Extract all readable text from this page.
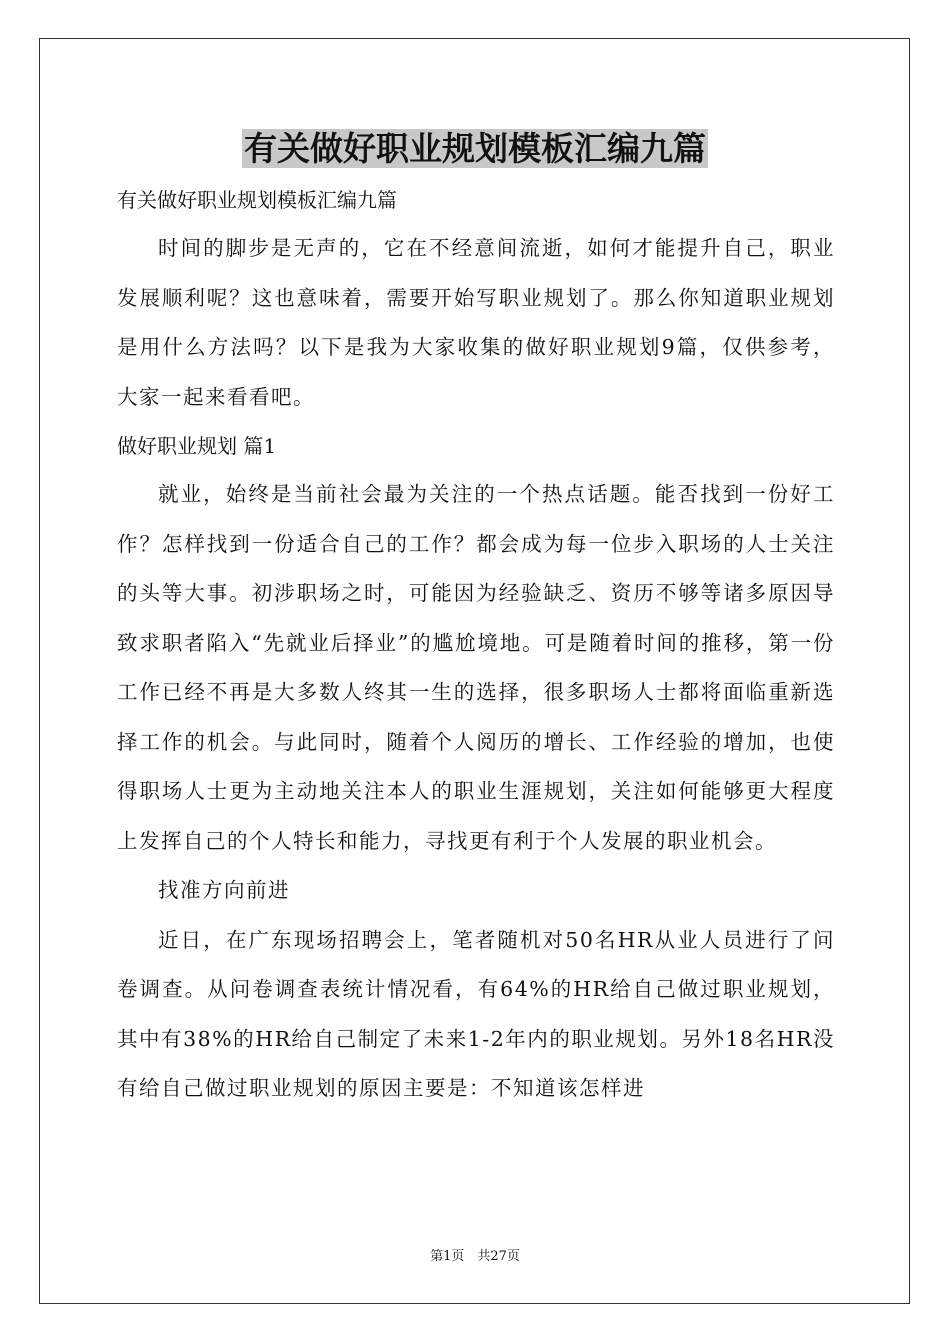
有关做好职业规划模板汇编九篇

有关做好职业规划模板汇编九篇

时间的脚步是无声的，它在不经意间流逝，如何才能提升自己，职业发展顺利呢？这也意味着，需要开始写职业规划了。那么你知道职业规划是用什么方法吗？以下是我为大家收集的做好职业规划9篇，仅供参考，大家一起来看看吧。

做好职业规划 篇1

就业，始终是当前社会最为关注的一个热点话题。能否找到一份好工作？怎样找到一份适合自己的工作？都会成为每一位步入职场的人士关注的头等大事。初涉职场之时，可能因为经验缺乏、资历不够等诸多原因导致求职者陷入“先就业后择业”的尴尬境地。可是随着时间的推移，第一份工作已经不再是大多数人终其一生的选择，很多职场人士都将面临重新选择工作的机会。与此同时，随着个人阅历的增长、工作经验的增加，也使得职场人士更为主动地关注本人的职业生涯规划，关注如何能够更大程度上发挥自己的个人特长和能力，寻找更有利于个人发展的职业机会。

找准方向前进

近日，在广东现场招聘会上，笔者随机对50名HR从业人员进行了问卷调查。从问卷调查表统计情况看，有64%的HR给自己做过职业规划，其中有38%的HR给自己制定了未来1-2年内的职业规划。另外18名HR没有给自己做过职业规划的原因主要是：不知道该怎样进

第1页　共27页
